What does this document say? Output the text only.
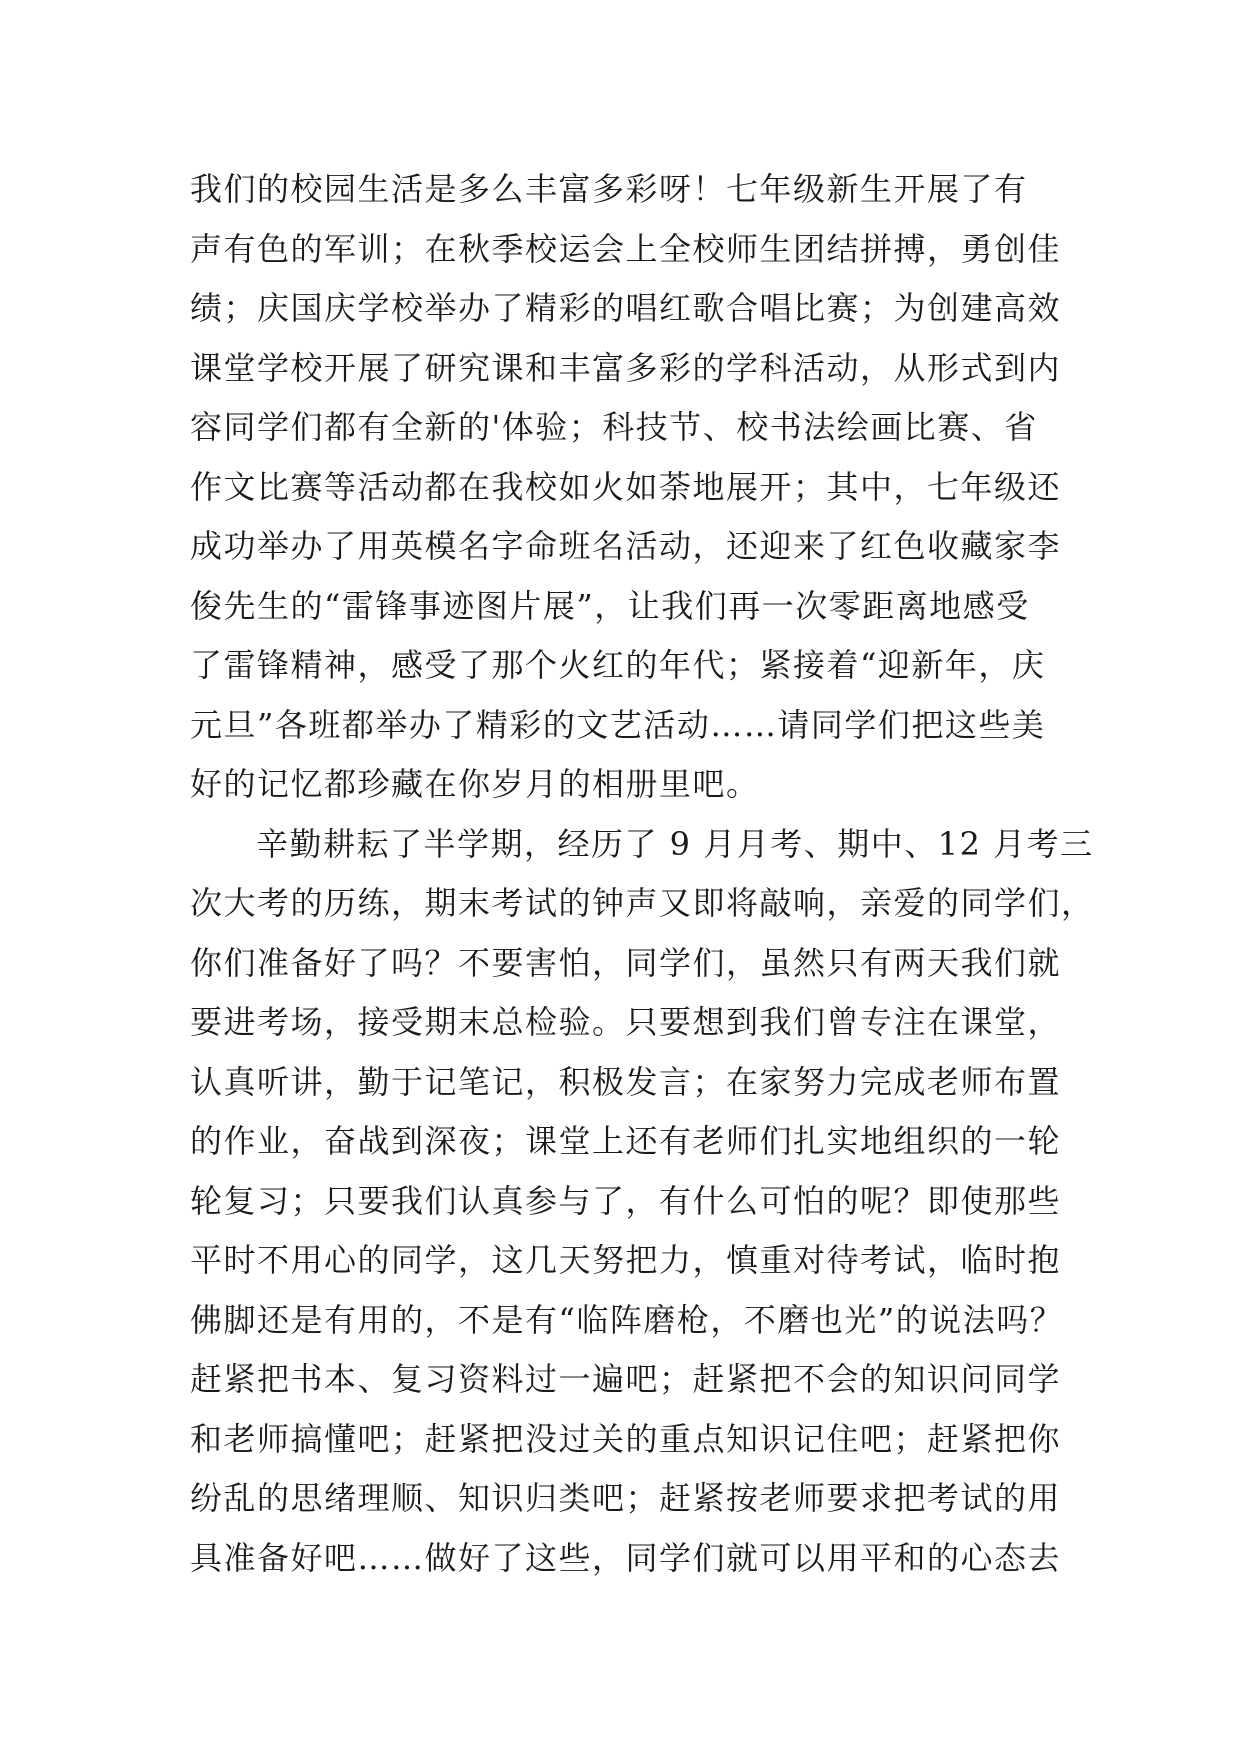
我们的校园生活是多么丰富多彩呀！七年级新生开展了有
声有色的军训；在秋季校运会上全校师生团结拼搏，勇创佳
绩；庆国庆学校举办了精彩的唱红歌合唱比赛；为创建高效
课堂学校开展了研究课和丰富多彩的学科活动，从形式到内
容同学们都有全新的'体验；科技节、校书法绘画比赛、省
作文比赛等活动都在我校如火如荼地展开；其中，七年级还
成功举办了用英模名字命班名活动，还迎来了红色收藏家李
俊先生的“雷锋事迹图片展”，让我们再一次零距离地感受
了雷锋精神，感受了那个火红的年代；紧接着“迎新年，庆
元旦”各班都举办了精彩的文艺活动……请同学们把这些美
好的记忆都珍藏在你岁月的相册里吧。
辛勤耕耘了半学期，经历了 9 月月考、期中、12 月考三
次大考的历练，期末考试的钟声又即将敲响，亲爱的同学们，
你们准备好了吗？不要害怕，同学们，虽然只有两天我们就
要进考场，接受期末总检验。只要想到我们曾专注在课堂，
认真听讲，勤于记笔记，积极发言；在家努力完成老师布置
的作业，奋战到深夜；课堂上还有老师们扎实地组织的一轮
轮复习；只要我们认真参与了，有什么可怕的呢？即使那些
平时不用心的同学，这几天努把力，慎重对待考试，临时抱
佛脚还是有用的，不是有“临阵磨枪，不磨也光”的说法吗？
赶紧把书本、复习资料过一遍吧；赶紧把不会的知识问同学
和老师搞懂吧；赶紧把没过关的重点知识记住吧；赶紧把你
纷乱的思绪理顺、知识归类吧；赶紧按老师要求把考试的用
具准备好吧……做好了这些，同学们就可以用平和的心态去
